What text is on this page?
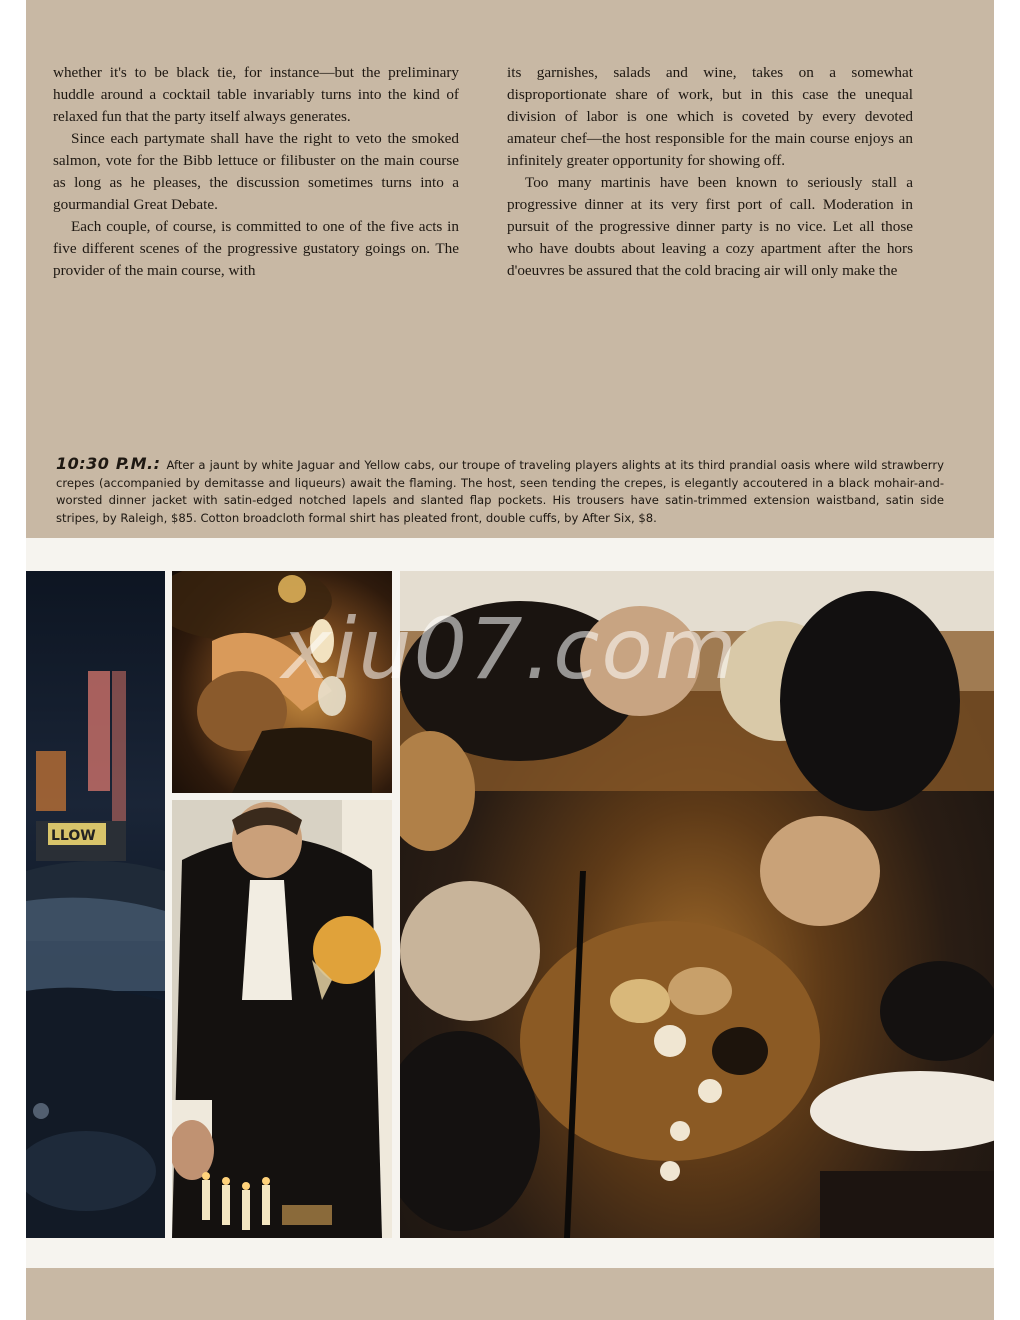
whether it's to be black tie, for instance—but the preliminary huddle around a cocktail table invariably turns into the kind of relaxed fun that the party itself always generates.

Since each partymate shall have the right to veto the smoked salmon, vote for the Bibb lettuce or filibuster on the main course as long as he pleases, the discussion sometimes turns into a gourmandial Great Debate.

Each couple, of course, is committed to one of the five acts in five different scenes of the progressive gustatory goings on. The provider of the main course, with

its garnishes, salads and wine, takes on a somewhat disproportionate share of work, but in this case the unequal division of labor is one which is coveted by every devoted amateur chef—the host responsible for the main course enjoys an infinitely greater opportunity for showing off.

Too many martinis have been known to seriously stall a progressive dinner at its very first port of call. Moderation in pursuit of the progressive dinner party is no vice. Let all those who have doubts about leaving a cozy apartment after the hors d'oeuvres be assured that the cold bracing air will only make the

10:30 P.M.: After a jaunt by white Jaguar and Yellow cabs, our troupe of traveling players alights at its third prandial oasis where wild strawberry crepes (accompanied by demitasse and liqueurs) await the flaming. The host, seen tending the crepes, is elegantly accoutered in a black mohair-and-worsted dinner jacket with satin-edged notched lapels and slanted flap pockets. His trousers have satin-trimmed extension waistband, satin side stripes, by Raleigh, $85. Cotton broadcloth formal shirt has pleated front, double cuffs, by After Six, $8.
LLOW
xiu07.com
